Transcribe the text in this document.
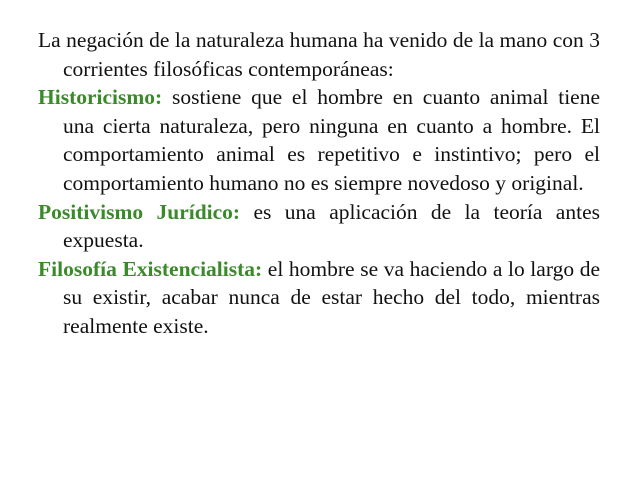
La negación de la naturaleza humana ha venido de la mano con 3 corrientes filosóficas contemporáneas:

Historicismo: sostiene que el hombre en cuanto animal tiene una cierta naturaleza, pero ninguna en cuanto a hombre. El comportamiento animal es repetitivo e instintivo; pero el comportamiento humano no es siempre novedoso y original.

Positivismo Jurídico: es una aplicación de la teoría antes expuesta.

Filosofía Existencialista: el hombre se va haciendo a lo largo de su existir, acabar nunca de estar hecho del todo, mientras realmente existe.
